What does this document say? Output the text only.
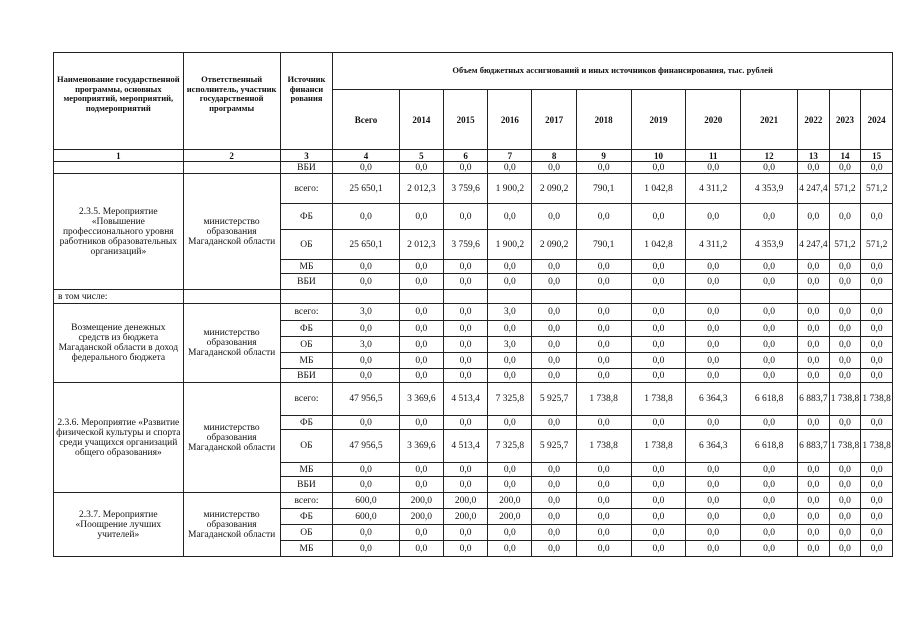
Наименование государственной программы, основных мероприятий, мероприятий, подмероприятий	Ответственный исполнитель, участник государственной программы	Источник финанси рования	Объем бюджетных ассигнований и иных источников финансирования, тыс. рублей											
			Всего	2014	2015	2016	2017	2018	2019	2020	2021	2022	2023	2024
1	2	3	4	5	6	7	8	9	10	11	12	13	14	15
		ВБИ	0,0	0,0	0,0	0,0	0,0	0,0	0,0	0,0	0,0	0,0	0,0	0,0
2.3.5. Мероприятие «Повышение профессионального уровня работников образовательных организаций»	министерство образования Магаданской области	всего:	25 650,1	2 012,3	3 759,6	1 900,2	2 090,2	790,1	1 042,8	4 311,2	4 353,9	4 247,4	571,2	571,2
		ФБ	0,0	0,0	0,0	0,0	0,0	0,0	0,0	0,0	0,0	0,0	0,0	0,0
		ОБ	25 650,1	2 012,3	3 759,6	1 900,2	2 090,2	790,1	1 042,8	4 311,2	4 353,9	4 247,4	571,2	571,2
		МБ	0,0	0,0	0,0	0,0	0,0	0,0	0,0	0,0	0,0	0,0	0,0	0,0
		ВБИ	0,0	0,0	0,0	0,0	0,0	0,0	0,0	0,0	0,0	0,0	0,0	0,0
в том числе:														
Возмещение денежных средств из бюджета Магаданской области в доход федерального бюджета	министерство образования Магаданской области	всего:	3,0	0,0	0,0	3,0	0,0	0,0	0,0	0,0	0,0	0,0	0,0	0,0
		ФБ	0,0	0,0	0,0	0,0	0,0	0,0	0,0	0,0	0,0	0,0	0,0	0,0
		ОБ	3,0	0,0	0,0	3,0	0,0	0,0	0,0	0,0	0,0	0,0	0,0	0,0
		МБ	0,0	0,0	0,0	0,0	0,0	0,0	0,0	0,0	0,0	0,0	0,0	0,0
		ВБИ	0,0	0,0	0,0	0,0	0,0	0,0	0,0	0,0	0,0	0,0	0,0	0,0
2.3.6. Мероприятие «Развитие физической культуры и спорта среди учащихся организаций общего образования»	министерство образования Магаданской области	всего:	47 956,5	3 369,6	4 513,4	7 325,8	5 925,7	1 738,8	1 738,8	6 364,3	6 618,8	6 883,7	1 738,8	1 738,8
		ФБ	0,0	0,0	0,0	0,0	0,0	0,0	0,0	0,0	0,0	0,0	0,0	0,0
		ОБ	47 956,5	3 369,6	4 513,4	7 325,8	5 925,7	1 738,8	1 738,8	6 364,3	6 618,8	6 883,7	1 738,8	1 738,8
		МБ	0,0	0,0	0,0	0,0	0,0	0,0	0,0	0,0	0,0	0,0	0,0	0,0
		ВБИ	0,0	0,0	0,0	0,0	0,0	0,0	0,0	0,0	0,0	0,0	0,0	0,0
2.3.7. Мероприятие «Поощрение лучших учителей»	министерство образования Магаданской области	всего:	600,0	200,0	200,0	200,0	0,0	0,0	0,0	0,0	0,0	0,0	0,0	0,0
		ФБ	600,0	200,0	200,0	200,0	0,0	0,0	0,0	0,0	0,0	0,0	0,0	0,0
		ОБ	0,0	0,0	0,0	0,0	0,0	0,0	0,0	0,0	0,0	0,0	0,0	0,0
		МБ	0,0	0,0	0,0	0,0	0,0	0,0	0,0	0,0	0,0	0,0	0,0	0,0
